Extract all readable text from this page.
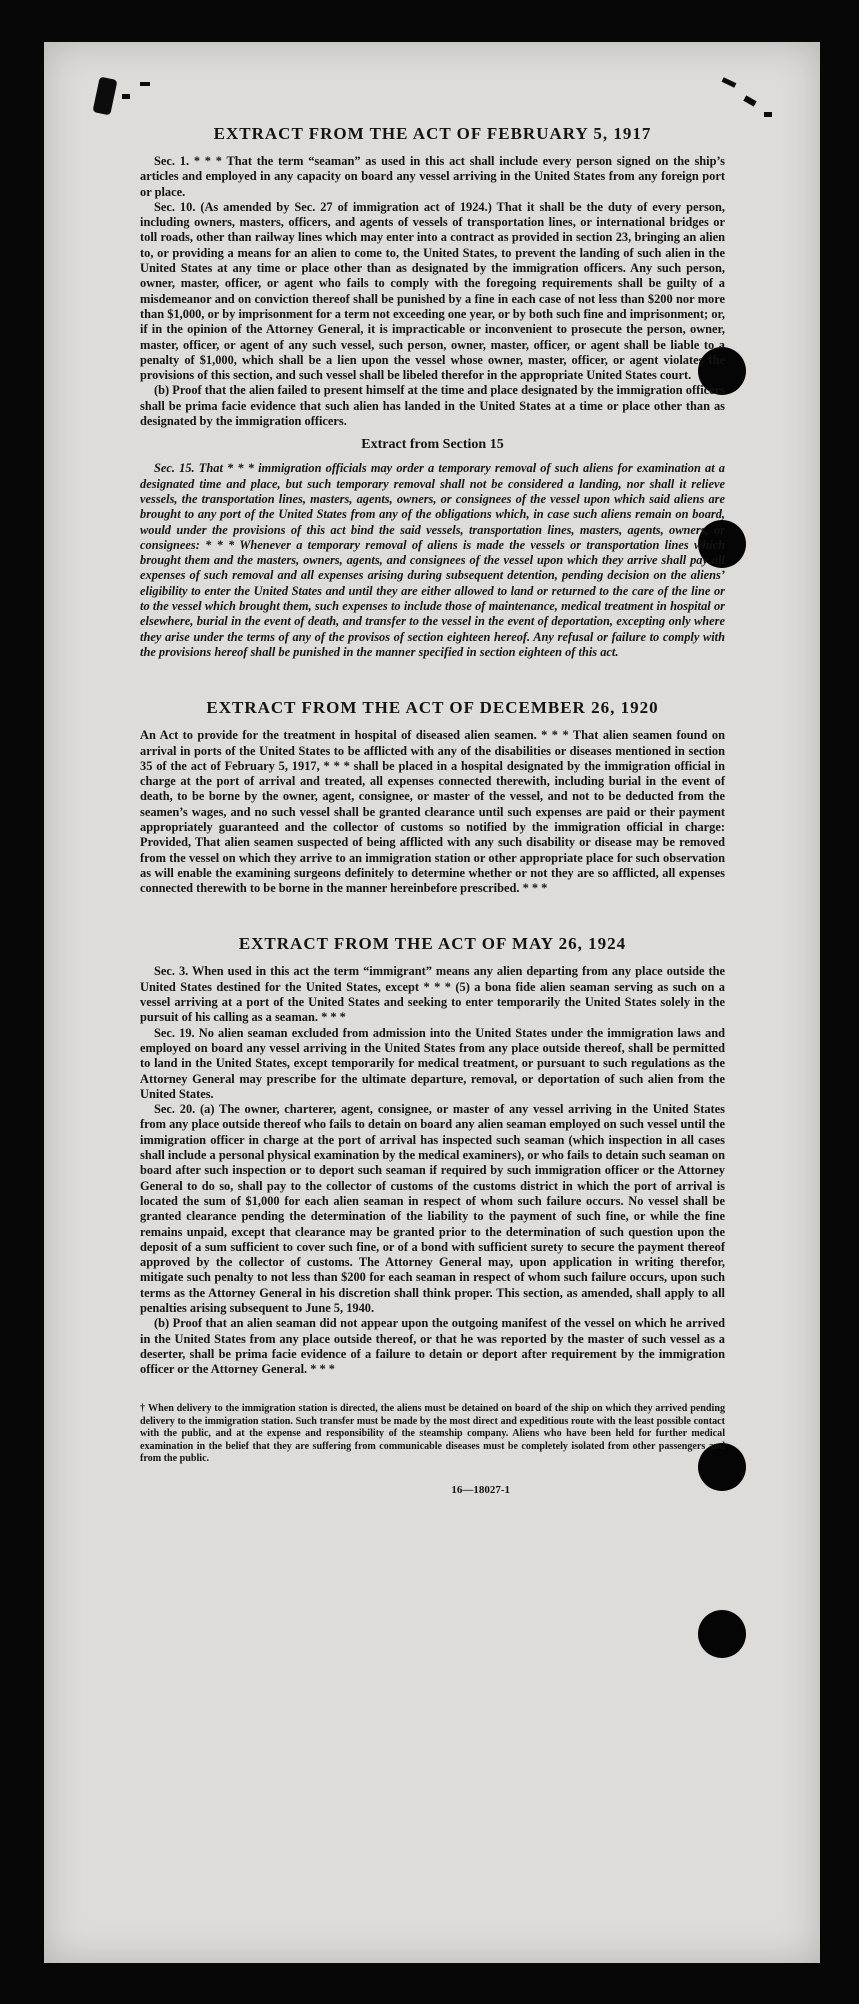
EXTRACT FROM THE ACT OF FEBRUARY 5, 1917

Sec. 1. * * * That the term “seaman” as used in this act shall include every person signed on the ship’s articles and employed in any capacity on board any vessel arriving in the United States from any foreign port or place.

Sec. 10. (As amended by Sec. 27 of immigration act of 1924.) That it shall be the duty of every person, including owners, masters, officers, and agents of vessels of transportation lines, or international bridges or toll roads, other than railway lines which may enter into a contract as provided in section 23, bringing an alien to, or providing a means for an alien to come to, the United States, to prevent the landing of such alien in the United States at any time or place other than as designated by the immigration officers. Any such person, owner, master, officer, or agent who fails to comply with the foregoing requirements shall be guilty of a misdemeanor and on conviction thereof shall be punished by a fine in each case of not less than $200 nor more than $1,000, or by imprisonment for a term not exceeding one year, or by both such fine and imprisonment; or, if in the opinion of the Attorney General, it is impracticable or inconvenient to prosecute the person, owner, master, officer, or agent of any such vessel, such person, owner, master, officer, or agent shall be liable to a penalty of $1,000, which shall be a lien upon the vessel whose owner, master, officer, or agent violates the provisions of this section, and such vessel shall be libeled therefor in the appropriate United States court.

(b) Proof that the alien failed to present himself at the time and place designated by the immigration officers shall be prima facie evidence that such alien has landed in the United States at a time or place other than as designated by the immigration officers.

Extract from Section 15

Sec. 15. That * * * immigration officials may order a temporary removal of such aliens for examination at a designated time and place, but such temporary removal shall not be considered a landing, nor shall it relieve vessels, the transportation lines, masters, agents, owners, or consignees of the vessel upon which said aliens are brought to any port of the United States from any of the obligations which, in case such aliens remain on board, would under the provisions of this act bind the said vessels, transportation lines, masters, agents, owners, or consignees: * * * Whenever a temporary removal of aliens is made the vessels or transportation lines which brought them and the masters, owners, agents, and consignees of the vessel upon which they arrive shall pay all expenses of such removal and all expenses arising during subsequent detention, pending decision on the aliens’ eligibility to enter the United States and until they are either allowed to land or returned to the care of the line or to the vessel which brought them, such expenses to include those of maintenance, medical treatment in hospital or elsewhere, burial in the event of death, and transfer to the vessel in the event of deportation, excepting only where they arise under the terms of any of the provisos of section eighteen hereof. Any refusal or failure to comply with the provisions hereof shall be punished in the manner specified in section eighteen of this act.

EXTRACT FROM THE ACT OF DECEMBER 26, 1920

An Act to provide for the treatment in hospital of diseased alien seamen. * * * That alien seamen found on arrival in ports of the United States to be afflicted with any of the disabilities or diseases mentioned in section 35 of the act of February 5, 1917, * * * shall be placed in a hospital designated by the immigration official in charge at the port of arrival and treated, all expenses connected therewith, including burial in the event of death, to be borne by the owner, agent, consignee, or master of the vessel, and not to be deducted from the seamen’s wages, and no such vessel shall be granted clearance until such expenses are paid or their payment appropriately guaranteed and the collector of customs so notified by the immigration official in charge: Provided, That alien seamen suspected of being afflicted with any such disability or disease may be removed from the vessel on which they arrive to an immigration station or other appropriate place for such observation as will enable the examining surgeons definitely to determine whether or not they are so afflicted, all expenses connected therewith to be borne in the manner hereinbefore prescribed. * * *

EXTRACT FROM THE ACT OF MAY 26, 1924

Sec. 3. When used in this act the term “immigrant” means any alien departing from any place outside the United States destined for the United States, except * * * (5) a bona fide alien seaman serving as such on a vessel arriving at a port of the United States and seeking to enter temporarily the United States solely in the pursuit of his calling as a seaman. * * *

Sec. 19. No alien seaman excluded from admission into the United States under the immigration laws and employed on board any vessel arriving in the United States from any place outside thereof, shall be permitted to land in the United States, except temporarily for medical treatment, or pursuant to such regulations as the Attorney General may prescribe for the ultimate departure, removal, or deportation of such alien from the United States.

Sec. 20. (a) The owner, charterer, agent, consignee, or master of any vessel arriving in the United States from any place outside thereof who fails to detain on board any alien seaman employed on such vessel until the immigration officer in charge at the port of arrival has inspected such seaman (which inspection in all cases shall include a personal physical examination by the medical examiners), or who fails to detain such seaman on board after such inspection or to deport such seaman if required by such immigration officer or the Attorney General to do so, shall pay to the collector of customs of the customs district in which the port of arrival is located the sum of $1,000 for each alien seaman in respect of whom such failure occurs. No vessel shall be granted clearance pending the determination of the liability to the payment of such fine, or while the fine remains unpaid, except that clearance may be granted prior to the determination of such question upon the deposit of a sum sufficient to cover such fine, or of a bond with sufficient surety to secure the payment thereof approved by the collector of customs. The Attorney General may, upon application in writing therefor, mitigate such penalty to not less than $200 for each seaman in respect of whom such failure occurs, upon such terms as the Attorney General in his discretion shall think proper. This section, as amended, shall apply to all penalties arising subsequent to June 5, 1940.

(b) Proof that an alien seaman did not appear upon the outgoing manifest of the vessel on which he arrived in the United States from any place outside thereof, or that he was reported by the master of such vessel as a deserter, shall be prima facie evidence of a failure to detain or deport after requirement by the immigration officer or the Attorney General. * * *

† When delivery to the immigration station is directed, the aliens must be detained on board of the ship on which they arrived pending delivery to the immigration station. Such transfer must be made by the most direct and expeditious route with the least possible contact with the public, and at the expense and responsibility of the steamship company. Aliens who have been held for further medical examination in the belief that they are suffering from communicable diseases must be completely isolated from other passengers and from the public.
16—18027-1
